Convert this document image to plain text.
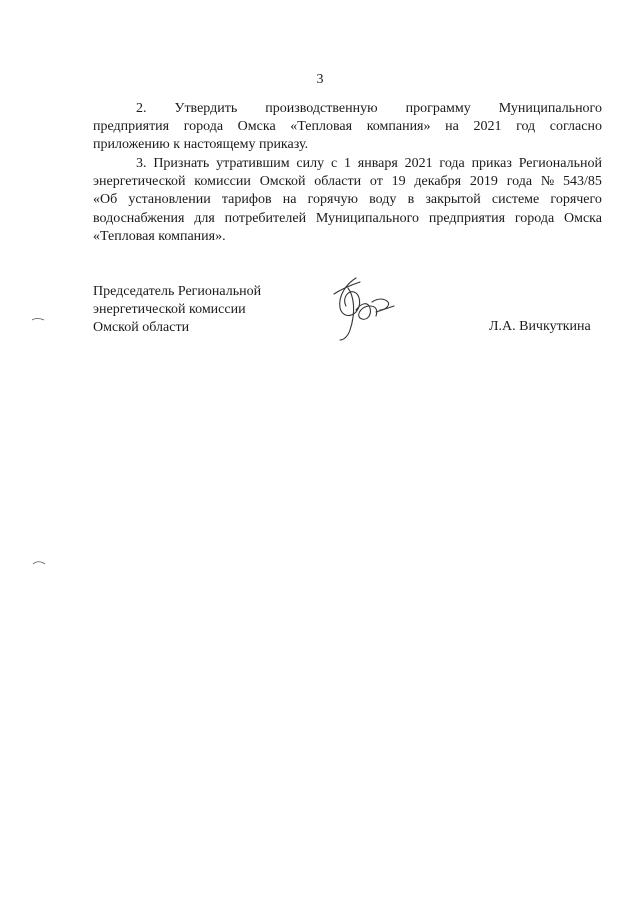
3
2. Утвердить производственную программу Муниципального
предприятия города Омска «Тепловая компания» на 2021 год согласно
приложению к настоящему приказу.
3. Признать утратившим силу с 1 января 2021 года приказ Региональной
энергетической комиссии Омской области от 19 декабря 2019 года № 543/85
«Об установлении тарифов на горячую воду в закрытой системе горячего
водоснабжения для потребителей Муниципального предприятия города Омска
«Тепловая компания».
Председатель Региональной
энергетической комиссии
Омской области	Л.А. Вичкуткина
